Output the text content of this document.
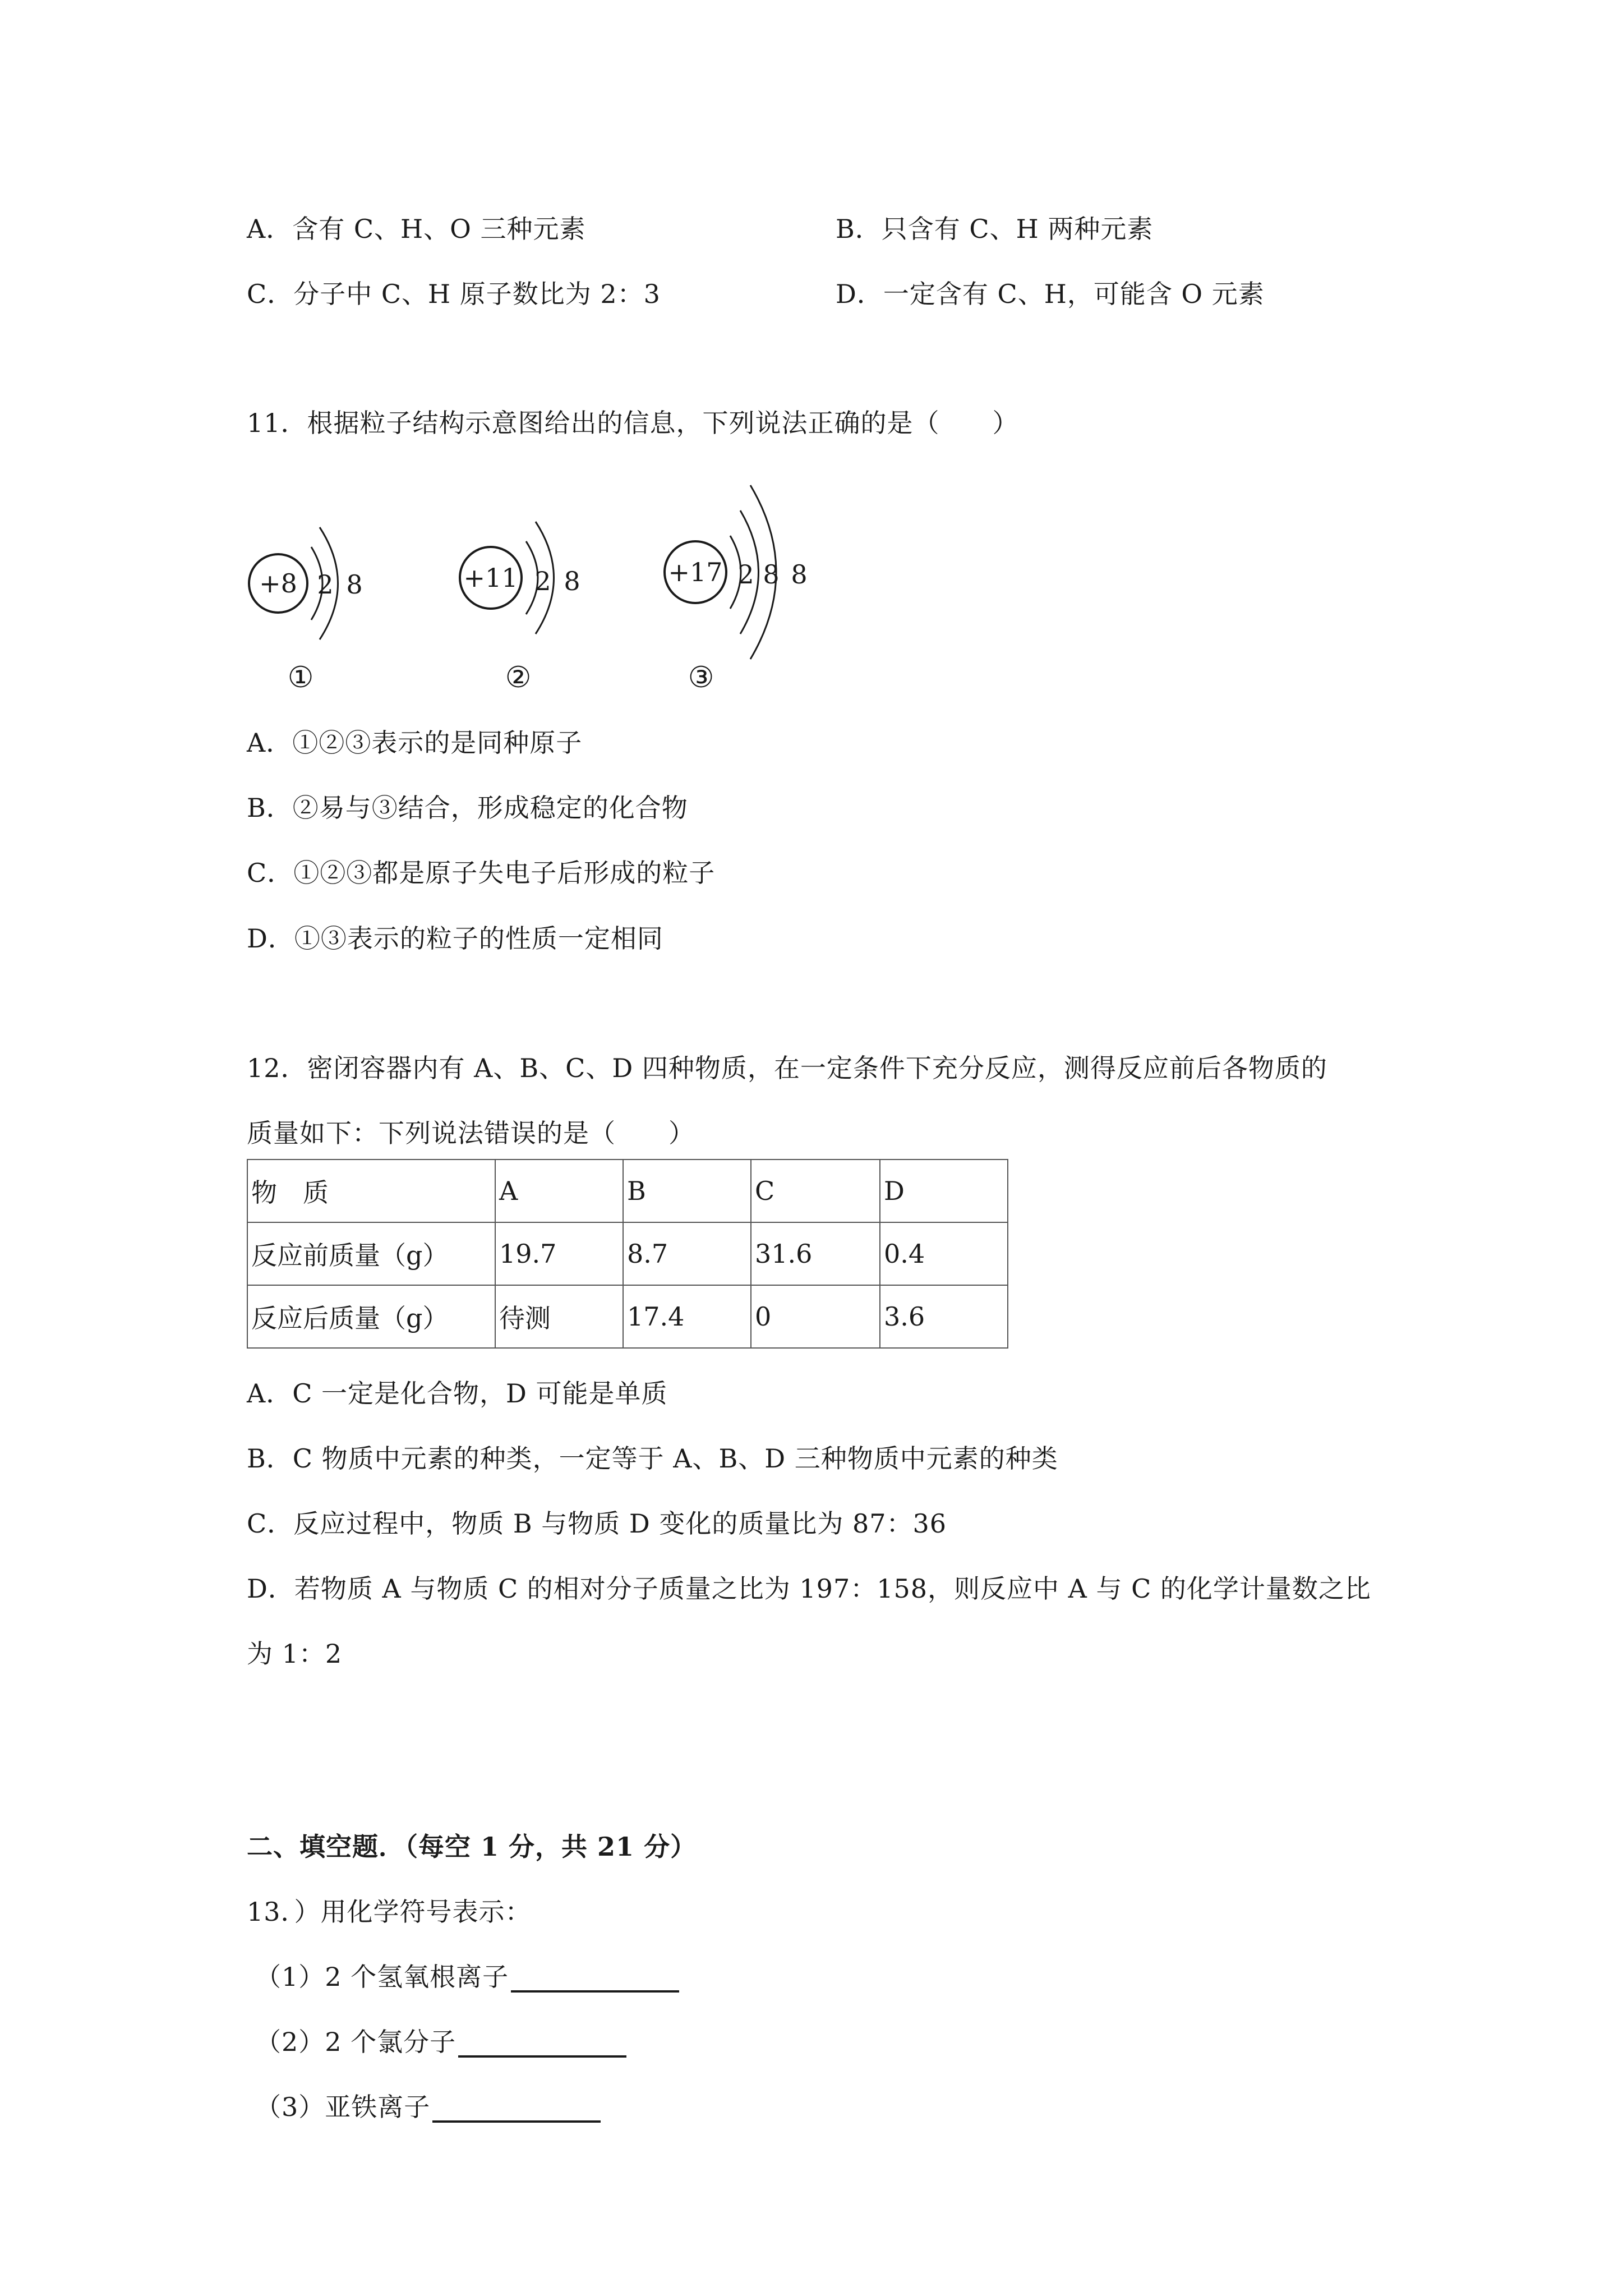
A．含有 C、H、O 三种元素	B．只含有 C、H 两种元素
C．分子中 C、H 原子数比为 2：3	D．一定含有 C、H，可能含 O 元素
11．根据粒子结构示意图给出的信息，下列说法正确的是（　　）
+8 2 8
①
+11 2 8
②
+17 2 8 8
③
A．①②③表示的是同种原子
B．②易与③结合，形成稳定的化合物
C．①②③都是原子失电子后形成的粒子
D．①③表示的粒子的性质一定相同
12．密闭容器内有 A、B、C、D 四种物质，在一定条件下充分反应，测得反应前后各物质的
质量如下：下列说法错误的是（　　）
物　质	A	B	C	D
反应前质量（g）	19.7	8.7	31.6	0.4
反应后质量（g）	待测	17.4	0	3.6
A．C 一定是化合物，D 可能是单质
B．C 物质中元素的种类，一定等于 A、B、D 三种物质中元素的种类
C．反应过程中，物质 B 与物质 D 变化的质量比为 87：36
D．若物质 A 与物质 C 的相对分子质量之比为 197：158，则反应中 A 与 C 的化学计量数之比
为 1：2
二、填空题．（每空 1 分，共 21 分）
13．）用化学符号表示：
（1）2 个氢氧根离子
（2）2 个氯分子
（3）亚铁离子
